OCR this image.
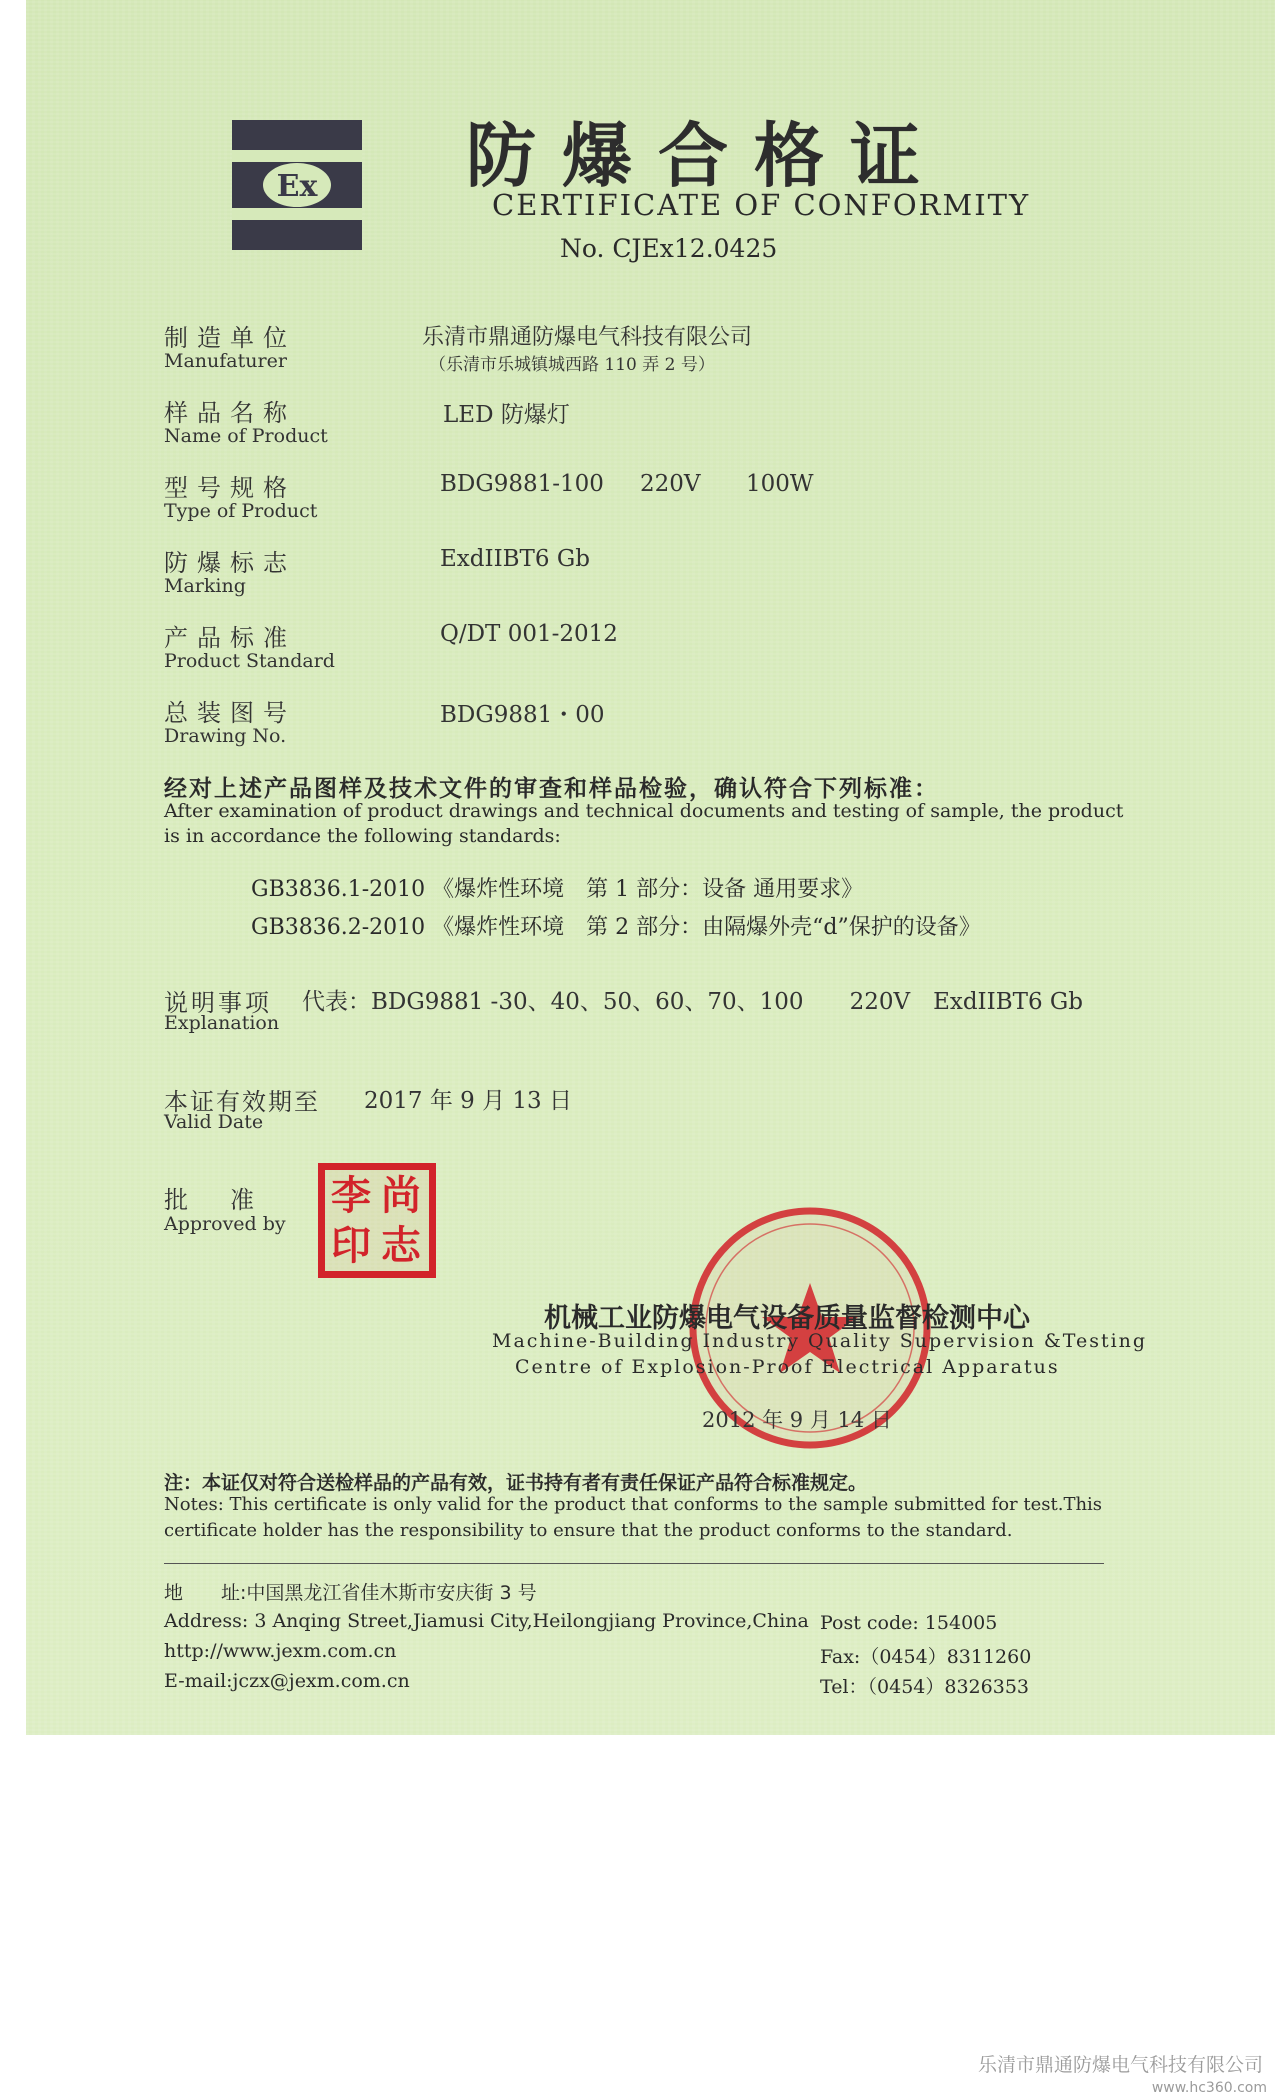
Ex 防爆合格证
CERTIFICATE OF CONFORMITY
No. CJEx12.0425
制造单位
Manufaturer
乐清市鼎通防爆电气科技有限公司
（乐清市乐城镇城西路 110 弄 2 号）
样品名称
Name of Product
LED 防爆灯
型号规格
Type of Product
BDG9881-100 220V 100W
防爆标志
Marking
ExdIIBT6 Gb
产品标准
Product Standard
Q/DT 001-2012
总装图号
Drawing No.
BDG9881・00
经对上述产品图样及技术文件的审查和样品检验，确认符合下列标准：
After examination of product drawings and technical documents and testing of sample, the product
is in accordance the following standards:
GB3836.1-2010 《爆炸性环境　第 1 部分：设备 通用要求》
GB3836.2-2010 《爆炸性环境　第 2 部分：由隔爆外壳“d”保护的设备》
说明事项
Explanation
代表：BDG9881 -30、40、50、60、70、100　　220V　ExdIIBT6 Gb
本证有效期至
Valid Date
2017 年 9 月 13 日
批　准
Approved by
尚
志
李
印
机械工业防爆电气设备质量监督检测中心
Machine-Building Industry Quality Supervision &Testing
Centre of Explosion-Proof Electrical Apparatus
2012 年 9 月 14 日
注：本证仅对符合送检样品的产品有效，证书持有者有责任保证产品符合标准规定。
Notes: This certificate is only valid for the product that conforms to the sample submitted for test.This
certificate holder has the responsibility to ensure that the product conforms to the standard.
地　　址:中国黑龙江省佳木斯市安庆街 3 号
Address: 3 Anqing Street,Jiamusi City,Heilongjiang Province,China
http://www.jexm.com.cn
E-mail:jczx@jexm.com.cn
Post code: 154005
Fax:（0454）8311260
Tel：（0454）8326353
乐清市鼎通防爆电气科技有限公司
www.hc360.com
